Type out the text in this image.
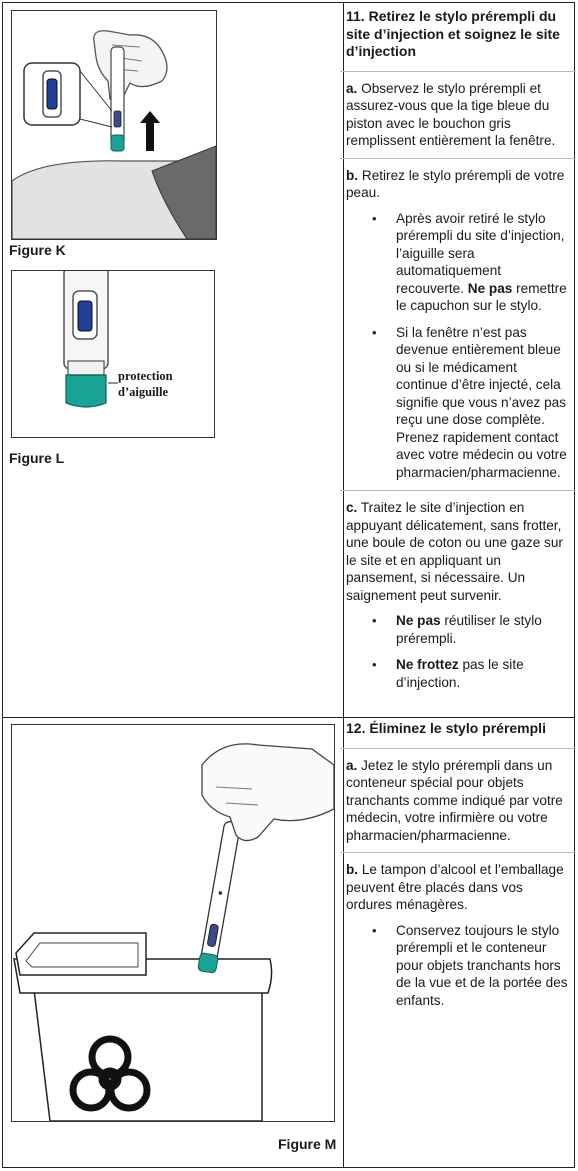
Figure K
protection
d’aiguille
Figure L
11. Retirez le stylo prérempli du site d’injection et soignez le site d’injection

a. Observez le stylo prérempli et assurez-vous que la tige bleue du piston avec le bouchon gris remplissent entièrement la fenêtre.

b. Retirez le stylo prérempli de votre peau.

• Après avoir retiré le stylo prérempli du site d’injection, l’aiguille sera automatiquement recouverte. Ne pas remettre le capuchon sur le stylo.
• Si la fenêtre n’est pas devenue entièrement bleue ou si le médicament continue d’être injecté, cela signifie que vous n’avez pas reçu une dose complète. Prenez rapidement contact avec votre médecin ou votre pharmacien/pharmacienne.

c. Traitez le site d’injection en appuyant délicatement, sans frotter, une boule de coton ou une gaze sur le site et en appliquant un pansement, si nécessaire. Un saignement peut survenir.

• Ne pas réutiliser le stylo prérempli.
• Ne frottez pas le site d’injection.
Figure M
12. Éliminez le stylo prérempli

a. Jetez le stylo prérempli dans un conteneur spécial pour objets tranchants comme indiqué par votre médecin, votre infirmière ou votre pharmacien/pharmacienne.

b. Le tampon d’alcool et l’emballage peuvent être placés dans vos ordures ménagères.

• Conservez toujours le stylo prérempli et le conteneur pour objets tranchants hors de la vue et de la portée des enfants.
